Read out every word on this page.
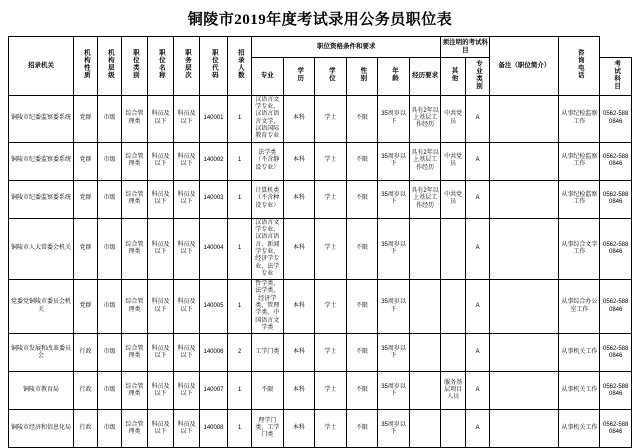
铜陵市2019年度考试录用公务员职位表
招录机关	机构性质	机构层级	职位类别	职位名称	职务层次	职位代码	招录人数	职位资格条件和要求						须注明的考试科目		备注（职位简介）	咨询电话	
								专业	学历	学位	性别	年龄	经历要求	其他	专业类别			考试科目
铜陵市纪委监察委系统	党群	市级	综合管理类	科员及以下	科员及以下	140001	1	汉语言文学专业、汉语言语言文学、汉语国际教育专业	本科	学士	不限	35周岁以下	具有2年以上基层工作经历	中共党员	A		从事纪检监察工作	0562-5880846
铜陵市纪委监察委系统	党群	市级	综合管理类	科员及以下	科员及以下	140002	1	法学类（不含静设专业）	本科	学士	不限	35周岁以下	具有2年以上基层工作经历	中共党员	A		从事纪检监察工作	0562-5880846
铜陵市纪委监察委系统	党群	市级	综合管理类	科员及以下	科员及以下	140003	1	计算机类（不含种设专业）	本科	学士	不限	35周岁以下	具有2年以上基层工作经历	中共党员	A		从事纪检监察工作	0562-5880846
铜陵市人大常委会机关	党群	市级	综合管理类	科员及以下	科员及以下	140004	1	汉语言文学专业、汉语言语言、新闻学专业、经济学专业、法学专业	本科	学士	不限	35周岁以下			A		从事综合文字工作	0562-5880846
党委党铜陵市委员会机关	党群	市级	综合管理类	科员及以下	科员及以下	140005	1	哲学类、法学类、经济学类、管理学类、中国语言文学类	本科	学士	不限	35周岁以下			A		从事综合办公室工作	0562-5880846
铜陵市发展和改革委员会	行政	市级	综合管理类	科员及以下	科员及以下	140006	2	工学门类	本科	学士	不限	35周岁以下			A		从事机关工作	0562-5880846
铜陵市教育局	行政	市级	综合管理类	科员及以下	科员及以下	140007	1	不限	本科	学士	不限	35周岁以下		服务基层项目人员	A		从事机关工作	0562-5880846
铜陵市经济和信息化局	行政	市级	综合管理类	科员及以下	科员及以下	140008	1	理学门类、工学门类	本科	学士	不限	35周岁以下			A		从事机关工作	0562-5880846
